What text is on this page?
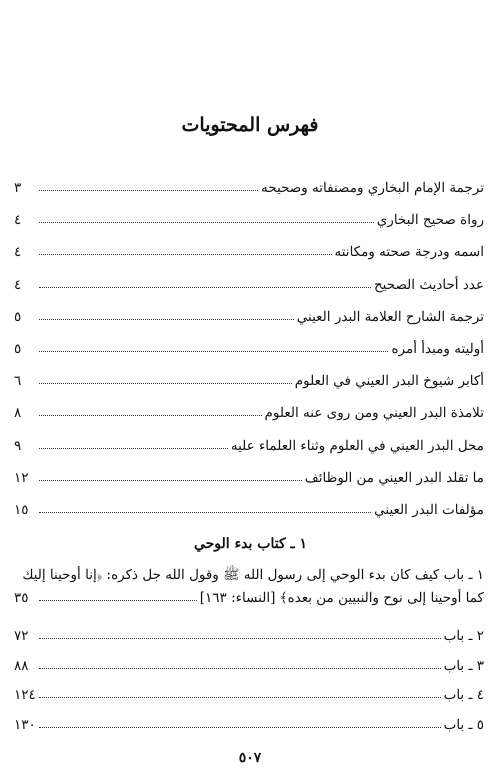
فهرس المحتويات
ترجمة الإمام البخاري ومصنفاته وصحيحه
٣
رواة صحيح البخاري
٤
اسمه ودرجة صحته ومكانته
٤
عدد أحاديث الصحيح
٤
ترجمة الشارح العلامة البدر العيني
٥
أوليته ومبدأ أمره
٥
أكابر شيوخ البدر العيني في العلوم
٦
تلامذة البدر العيني ومن روى عنه العلوم
٨
محل البدر العيني في العلوم وثناء العلماء عليه
٩
ما تقلد البدر العيني من الوظائف
١٢
مؤلفات البدر العيني
١٥
١ ـ كتاب بدء الوحي
١ ـ باب كيف كان بدء الوحي إلى رسول الله ﷺ وقول الله جل ذكره: ﴿إنا أوحينا إليك
كما أوحينا إلى نوح والنبيين من بعده﴾ [النساء: ١٦٣]
٣٥
٢ ـ باب
٧٢
٣ ـ باب
٨٨
٤ ـ باب
١٢٤
٥ ـ باب
١٣٠
٥٠٧
